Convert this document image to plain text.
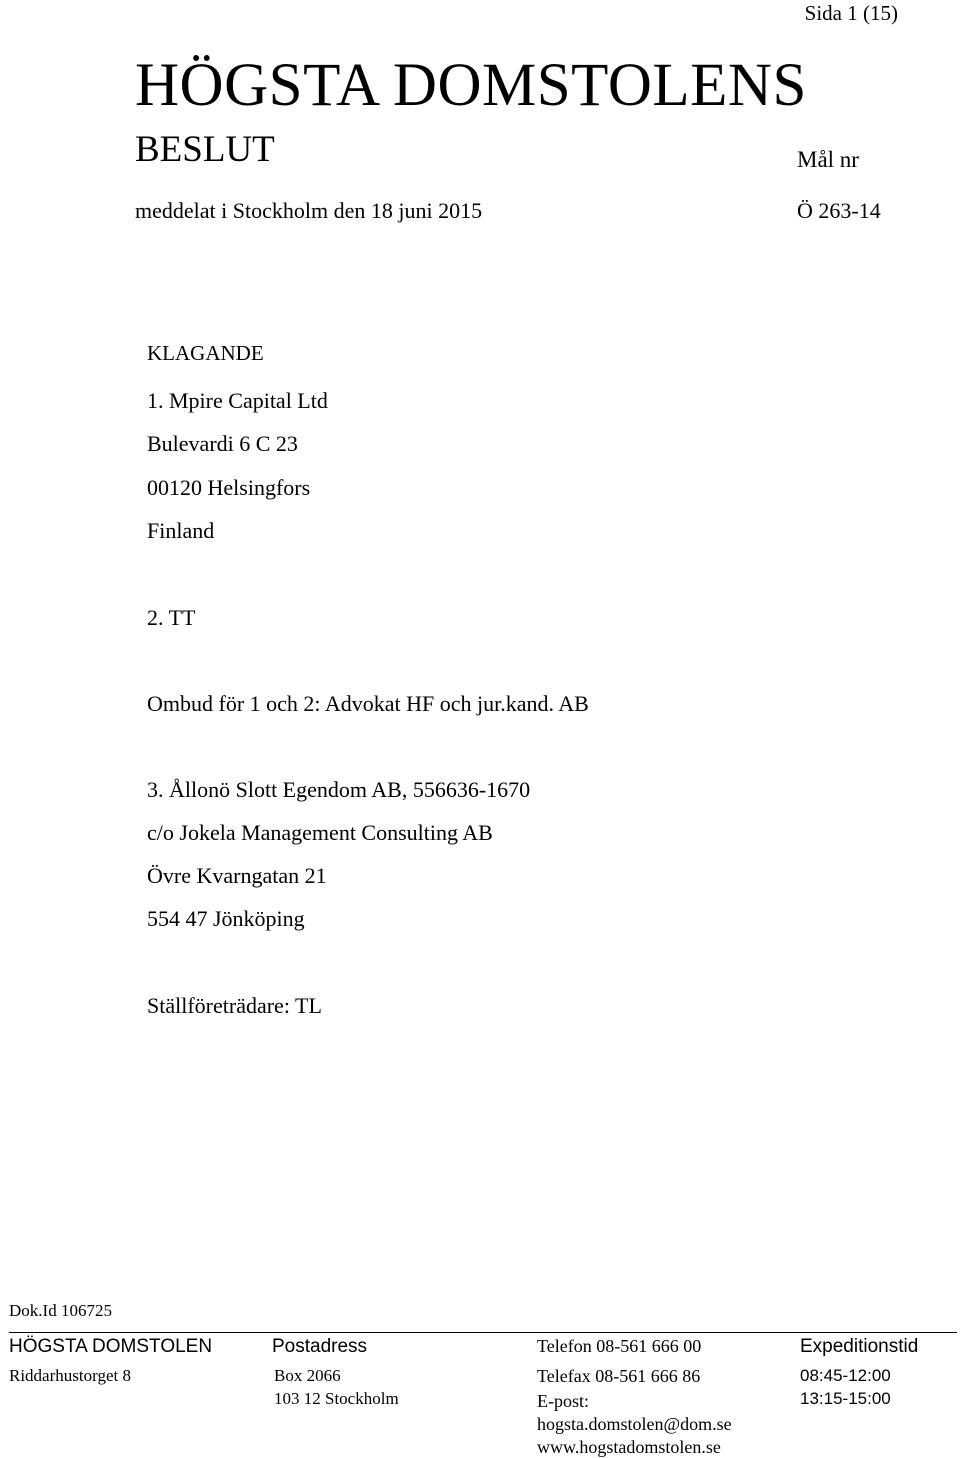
Sida 1 (15)
HÖGSTA DOMSTOLENS
BESLUT	Mål nr
meddelat i Stockholm den 18 juni 2015	Ö 263-14
KLAGANDE
1. Mpire Capital Ltd
Bulevardi 6 C 23
00120 Helsingfors
Finland
2. TT
Ombud för 1 och 2: Advokat HF och jur.kand. AB
3. Ållonö Slott Egendom AB, 556636-1670
c/o Jokela Management Consulting AB
Övre Kvarngatan 21
554 47 Jönköping
Ställföreträdare: TL
Dok.Id 106725
HÖGSTA DOMSTOLEN
Riddarhustorget 8
Postadress
Box 2066
103 12 Stockholm
Telefon 08-561 666 00
Telefax 08-561 666 86
E-post:
hogsta.domstolen@dom.se
www.hogstadomstolen.se
Expeditionstid
08:45-12:00
13:15-15:00
